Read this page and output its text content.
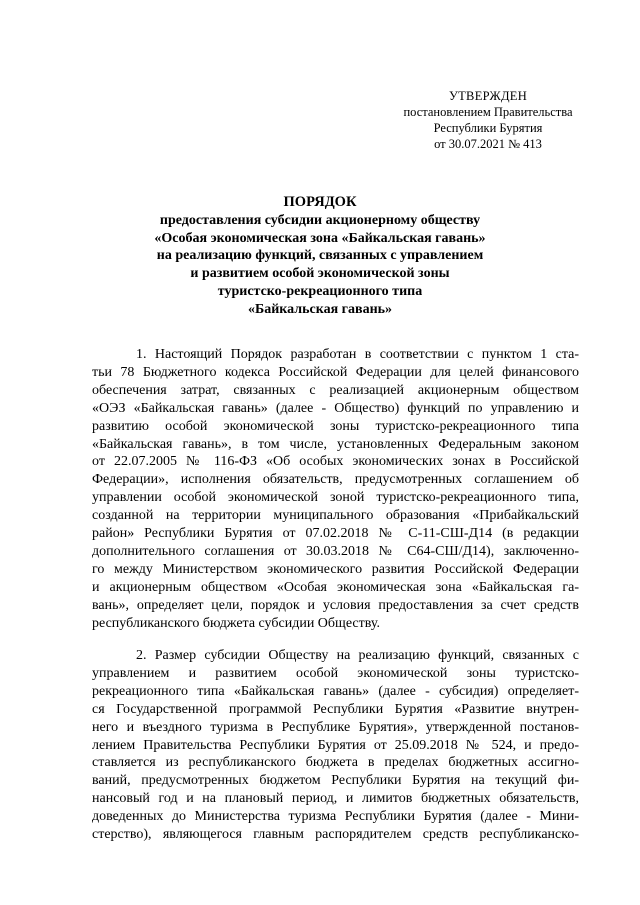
УТВЕРЖДЕН
постановлением Правительства
Республики Бурятия
от 30.07.2021 № 413
ПОРЯДОК
предоставления субсидии акционерному обществу
«Особая экономическая зона «Байкальская гавань»
на реализацию функций, связанных с управлением
и развитием особой экономической зоны
туристско-рекреационного типа
«Байкальская гавань»
1. Настоящий Порядок разработан в соответствии с пунктом 1 ста-
тьи 78 Бюджетного кодекса Российской Федерации для целей финансового
обеспечения затрат, связанных с реализацией акционерным обществом
«ОЭЗ «Байкальская гавань» (далее - Общество) функций по управлению и
развитию особой экономической зоны туристско-рекреационного типа
«Байкальская гавань», в том числе, установленных Федеральным законом
от 22.07.2005 № 116-ФЗ «Об особых экономических зонах в Российской
Федерации», исполнения обязательств, предусмотренных соглашением об
управлении особой экономической зоной туристско-рекреационного типа,
созданной на территории муниципального образования «Прибайкальский
район» Республики Бурятия от 07.02.2018 № С-11-СШ-Д14 (в редакции
дополнительного соглашения от 30.03.2018 № С64-СШ/Д14), заключенно-
го между Министерством экономического развития Российской Федерации
и акционерным обществом «Особая экономическая зона «Байкальская га-
вань», определяет цели, порядок и условия предоставления за счет средств
республиканского бюджета субсидии Обществу.
2. Размер субсидии Обществу на реализацию функций, связанных с
управлением и развитием особой экономической зоны туристско-
рекреационного типа «Байкальская гавань» (далее - субсидия) определяет-
ся Государственной программой Республики Бурятия «Развитие внутрен-
него и въездного туризма в Республике Бурятия», утвержденной постанов-
лением Правительства Республики Бурятия от 25.09.2018 № 524, и предо-
ставляется из республиканского бюджета в пределах бюджетных ассигно-
ваний, предусмотренных бюджетом Республики Бурятия на текущий фи-
нансовый год и на плановый период, и лимитов бюджетных обязательств,
доведенных до Министерства туризма Республики Бурятия (далее - Мини-
стерство), являющегося главным распорядителем средств республиканско-
